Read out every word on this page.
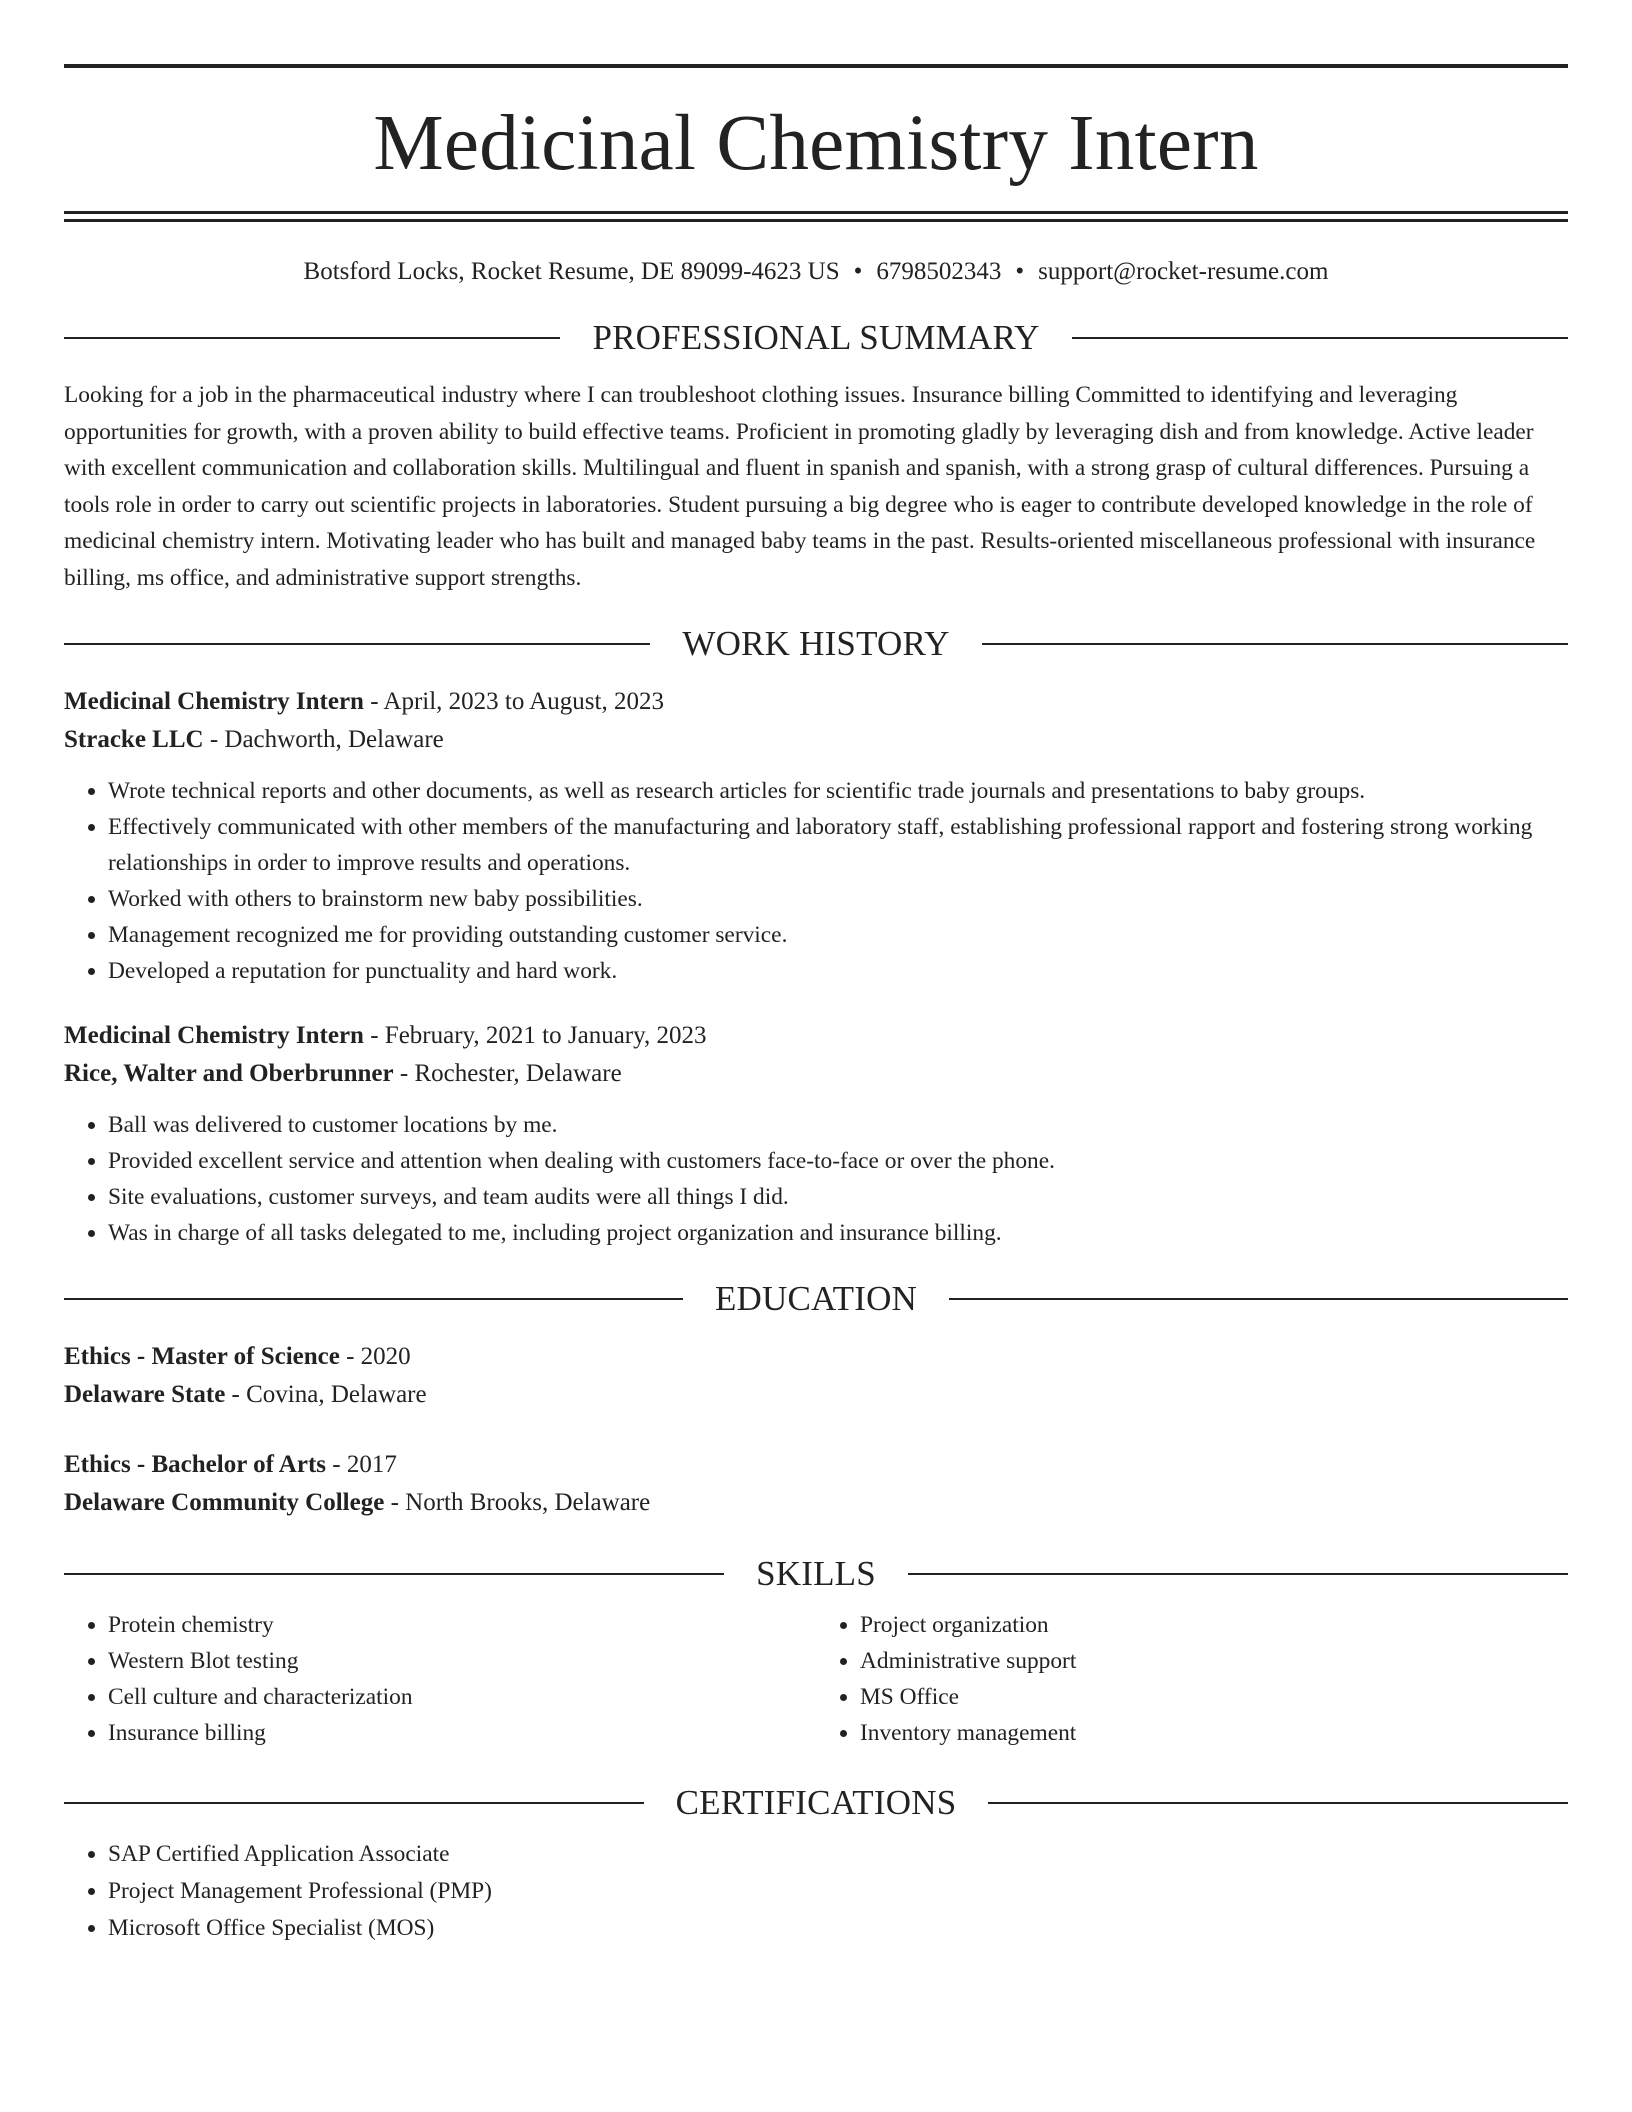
Medicinal Chemistry Intern
Botsford Locks, Rocket Resume, DE 89099-4623 US • 6798502343 • support@rocket-resume.com
PROFESSIONAL SUMMARY

Looking for a job in the pharmaceutical industry where I can troubleshoot clothing issues. Insurance billing Committed to identifying and leveraging opportunities for growth, with a proven ability to build effective teams. Proficient in promoting gladly by leveraging dish and from knowledge. Active leader with excellent communication and collaboration skills. Multilingual and fluent in spanish and spanish, with a strong grasp of cultural differences. Pursuing a tools role in order to carry out scientific projects in laboratories. Student pursuing a big degree who is eager to contribute developed knowledge in the role of medicinal chemistry intern. Motivating leader who has built and managed baby teams in the past. Results-oriented miscellaneous professional with insurance billing, ms office, and administrative support strengths.

WORK HISTORY
Medicinal Chemistry Intern - April, 2023 to August, 2023
Stracke LLC - Dachworth, Delaware
• Wrote technical reports and other documents, as well as research articles for scientific trade journals and presentations to baby groups.
• Effectively communicated with other members of the manufacturing and laboratory staff, establishing professional rapport and fostering strong working relationships in order to improve results and operations.
• Worked with others to brainstorm new baby possibilities.
• Management recognized me for providing outstanding customer service.
• Developed a reputation for punctuality and hard work.
Medicinal Chemistry Intern - February, 2021 to January, 2023
Rice, Walter and Oberbrunner - Rochester, Delaware
• Ball was delivered to customer locations by me.
• Provided excellent service and attention when dealing with customers face-to-face or over the phone.
• Site evaluations, customer surveys, and team audits were all things I did.
• Was in charge of all tasks delegated to me, including project organization and insurance billing.
EDUCATION
Ethics - Master of Science - 2020
Delaware State - Covina, Delaware
Ethics - Bachelor of Arts - 2017
Delaware Community College - North Brooks, Delaware
SKILLS
• Protein chemistry
• Western Blot testing
• Cell culture and characterization
• Insurance billing
• Project organization
• Administrative support
• MS Office
• Inventory management
CERTIFICATIONS
• SAP Certified Application Associate
• Project Management Professional (PMP)
• Microsoft Office Specialist (MOS)
